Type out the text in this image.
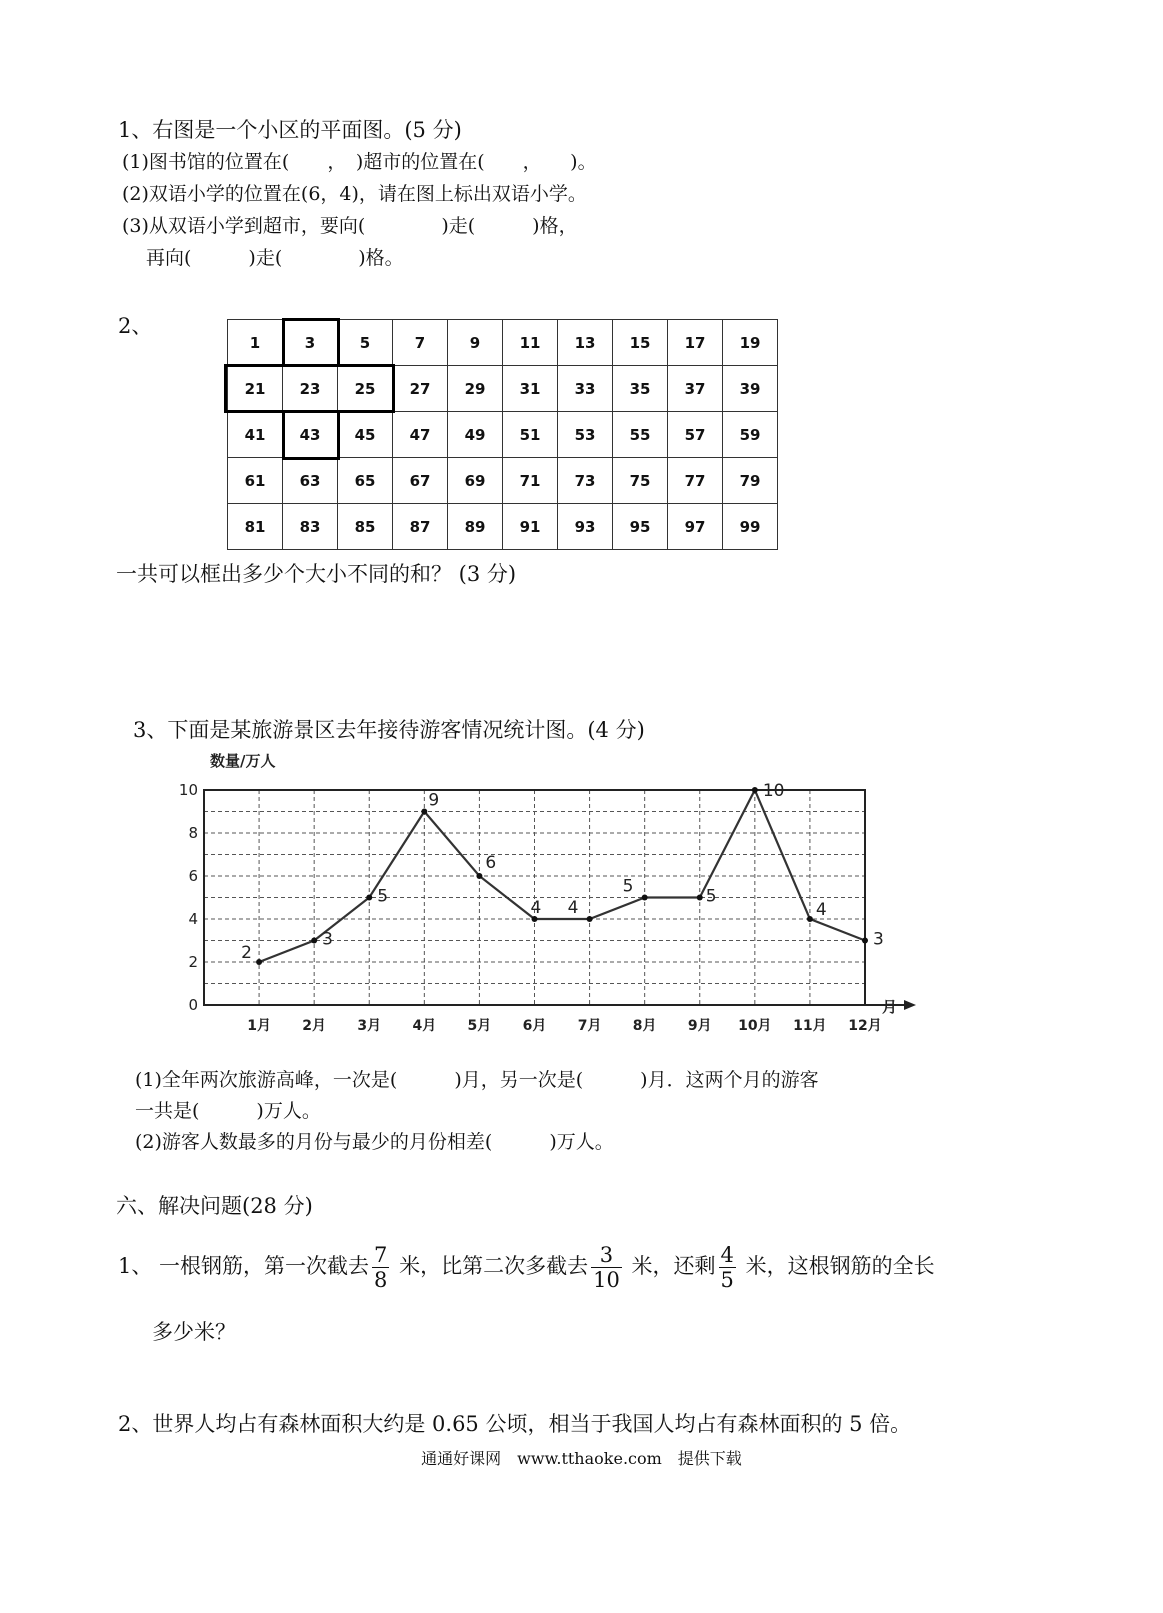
1、右图是一个小区的平面图。(5 分)
(1)图书馆的位置在(　　，　)超市的位置在(　　，　　)。
(2)双语小学的位置在(6，4)，请在图上标出双语小学。
(3)从双语小学到超市，要向(　　　　)走(　　　)格，
再向(　　　)走(　　　　)格。
2、
1	3	5	7	9	11	13	15	17	19
21	23	25	27	29	31	33	35	37	39
41	43	45	47	49	51	53	55	57	59
61	63	65	67	69	71	73	75	77	79
81	83	85	87	89	91	93	95	97	99
一共可以框出多少个大小不同的和？ (3 分)
3、下面是某旅游景区去年接待游客情况统计图。(4 分)
数量/万人
月
0
2
4
6
8
10
1月 2月 3月 4月 5月 6月 7月 8月 9月 10月 11月 12月
2
3
5
9
6
4 4
5	5
10
4
3
(1)全年两次旅游高峰，一次是(　　　)月，另一次是(　　　)月．这两个月的游客
一共是(　　　)万人。
(2)游客人数最多的月份与最少的月份相差(　　　)万人。
六、解决问题(28 分)
1、 一根钢筋，第一次截去 $\frac{7}{8}$ 米，比第二次多截去 $\frac{3}{10}$ 米，还剩 $\frac{4}{5}$ 米，这根钢筋的全长
多少米？
2、世界人均占有森林面积大约是 0.65 公顷，相当于我国人均占有森林面积的 5 倍。
通通好课网　www.tthaoke.com　提供下载
